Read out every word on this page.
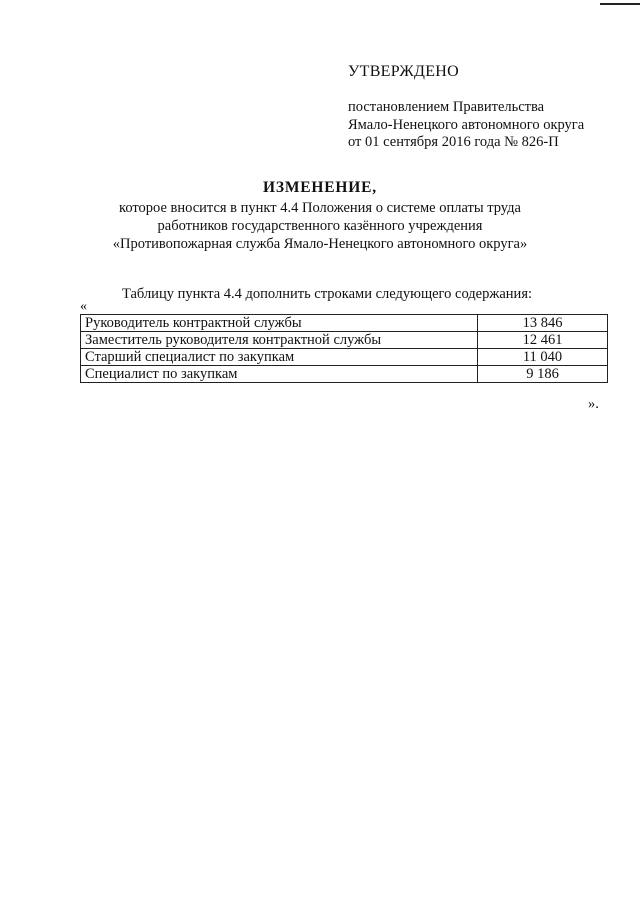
УТВЕРЖДЕНО

постановлением Правительства

Ямало-Ненецкого автономного округа

от 01 сентября 2016 года № 826-П

ИЗМЕНЕНИЕ,

которое вносится в пункт 4.4 Положения о системе оплаты труда

работников государственного казённого учреждения

«Противопожарная служба Ямало-Ненецкого автономного округа»

Таблицу пункта 4.4 дополнить строками следующего содержания:

«
Руководитель контрактной службы	13 846
Заместитель руководителя контрактной службы	12 461
Старший специалист по закупкам	11 040
Специалист по закупкам	9 186
».
